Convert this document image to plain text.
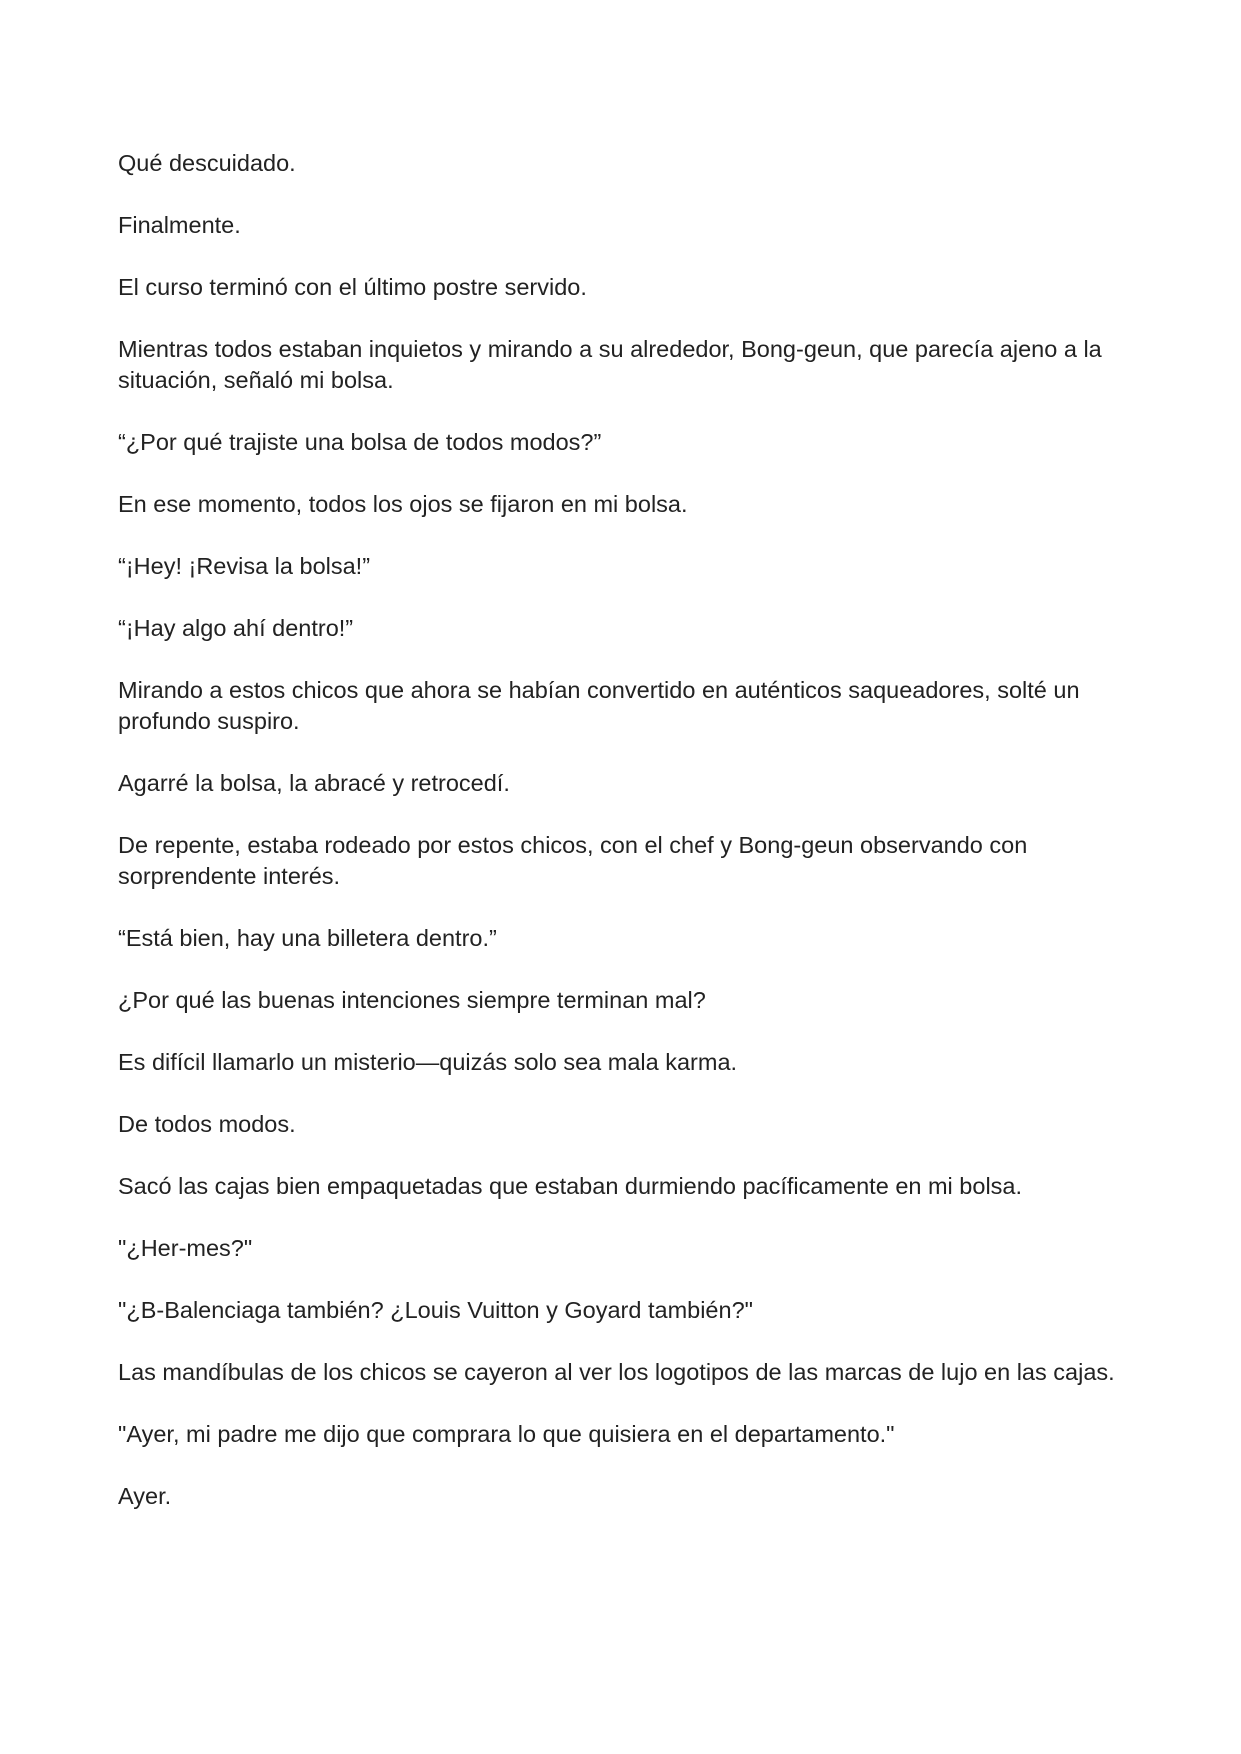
Qué descuidado.

Finalmente.

El curso terminó con el último postre servido.

Mientras todos estaban inquietos y mirando a su alrededor, Bong-geun, que parecía ajeno a la situación, señaló mi bolsa.

“¿Por qué trajiste una bolsa de todos modos?”

En ese momento, todos los ojos se fijaron en mi bolsa.

“¡Hey! ¡Revisa la bolsa!”

“¡Hay algo ahí dentro!”

Mirando a estos chicos que ahora se habían convertido en auténticos saqueadores, solté un profundo suspiro.

Agarré la bolsa, la abracé y retrocedí.

De repente, estaba rodeado por estos chicos, con el chef y Bong-geun observando con sorprendente interés.

“Está bien, hay una billetera dentro.”

¿Por qué las buenas intenciones siempre terminan mal?

Es difícil llamarlo un misterio—quizás solo sea mala karma.

De todos modos.

Sacó las cajas bien empaquetadas que estaban durmiendo pacíficamente en mi bolsa.

"¿Her-mes?"

"¿B-Balenciaga también? ¿Louis Vuitton y Goyard también?"

Las mandíbulas de los chicos se cayeron al ver los logotipos de las marcas de lujo en las cajas.

"Ayer, mi padre me dijo que comprara lo que quisiera en el departamento."

Ayer.
